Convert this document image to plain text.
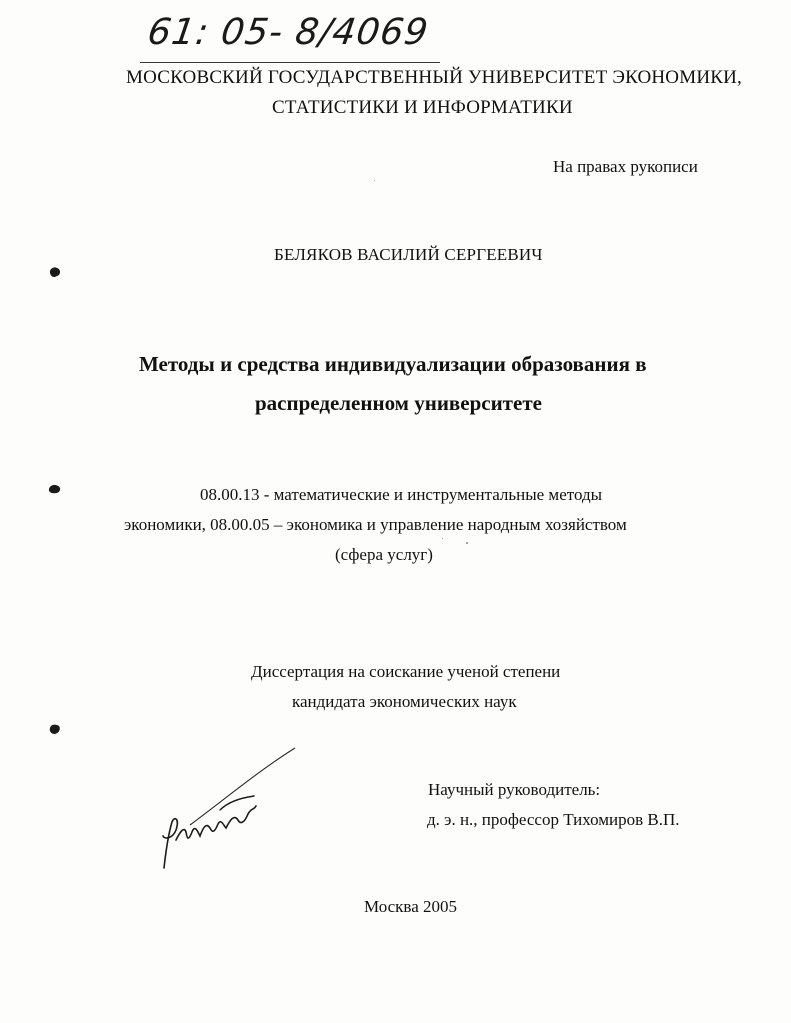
61: 05- 8/4069
МОСКОВСКИЙ ГОСУДАРСТВЕННЫЙ УНИВЕРСИТЕТ ЭКОНОМИКИ,
СТАТИСТИКИ И ИНФОРМАТИКИ
На правах рукописи
БЕЛЯКОВ ВАСИЛИЙ СЕРГЕЕВИЧ
Методы и средства индивидуализации образования в
распределенном университете
08.00.13 - математические и инструментальные методы
экономики, 08.00.05 – экономика и управление народным хозяйством
(сфера услуг)
Диссертация на соискание ученой степени
кандидата экономических наук
Научный руководитель:
д. э. н., профессор Тихомиров В.П.
Москва 2005
